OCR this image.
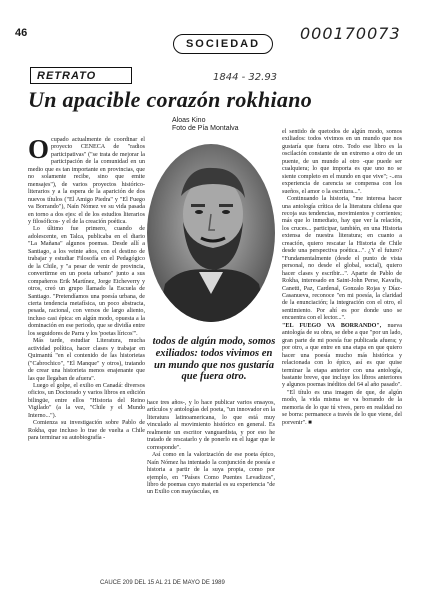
46
SOCIEDAD
000170073
1844 - 32.93
RETRATO
Un apacible corazón rokhiano
Aloas Kino
Foto de Pía Montalva

Ocupado actualmente de coordinar el proyecto CENECA de "radios participativas" ("se trata de mejorar la participación de la comunidad en un medio que es tan importante en provincias, que no solamente recibe, sino que emite mensajes"), de varios proyectos histórico-literarios y a la espera de la aparición de dos nuevos títulos ("El Amigo Piedra" y "El Fuego va Borrando"), Naín Nómez ve su vida pasada en torno a dos ejes: el de los estudios literarios y filosóficos- y el de la creación poética.

Lo último fue primero, cuando de adolescente, en Talca, publicaba en el diario "La Mañana" algunos poemas. Desde allí a Santiago, a los veinte años, con el destino de trabajar y estudiar Filosofía en el Pedagógico de la Chile, y "a pesar de venir de provincia, convertirme en un poeta urbano" junto a sus compañeros Erik Martínez, Jorge Etcheverry y otros, creó un grupo llamado la Escuela de Santiago. "Pretendíamos una poesía urbana, de cierta tendencia metafísica, un poco abstracta, pesada, racional, con versos de largo aliento, incluso casi épica: en algún modo, opuesta a la dominación en ese periodo, que se dividía entre los seguidores de Parra y los 'poetas líricos'".

Más tarde, estudiar Literatura, mucha actividad política, hacer clases y trabajar en Quimantú "en el contenido de las historietas ("Cabrochico", "El Manque" y otros), tratando de crear una historieta menos enajenante que las que llegaban de afuera".

Luego el golpe, el exilio en Canadá: diversos oficios, un Doctorado y varios libros en edición bilingüe, entre ellos "Historia del Reino Vigilado" (a la vez, "Chile y el Mundo Interno...").

Comienza su investigación sobre Pablo de Rokha, que incluso lo trae de vuelta a Chile para terminar su autobiografía -

todos de algún modo, somos exiliados: todos vivimos en un mundo que nos gustaría que fuera otro.

hace tres años-, y lo hace publicar varios ensayos, artículos y antologías del poeta, "un innovador en la literatura latinoamericana, lo que está muy vinculado al movimiento histórico en general. Es realmente un escritor vanguardista, y por eso he tratado de rescatarlo y de ponerlo en el lugar que le corresponde".

Así como en la valorización de ese poeta épico, Naín Nómez ha intentado la conjunción de poesía e historia a partir de la suya propia, como por ejemplo, en "Países Como Puentes Levadizos", libro de poemas cuyo material es su experiencia "de un Exilio con mayúsculas, en

el sentido de quetodos de algún modo, somos exiliados: todos vivimos en un mundo que nos gustaría que fuera otro. Todo ese libro es la oscilación constante de un extremo a otro de un puente, de un mundo al otro -que puede ser cualquiera; lo que importa es que uno no se siente completo en el mundo en que vive"; -..era experiencia de carencia se compensa con los sueños, el amor o la escritura...".

Continuando la historia, "me interesa hacer una antología crítica de la literatura chilena que recoja sus tendencias, movimientos y corrientes; más que lo inmediato, hay que ver la relación, los cruces... participar, también, en una Historia extensa de nuestra literatura; en cuanto a creación, quiero rescatar la Historia de Chile desde una perspectiva poética...". ¿Y el futuro? "Fundamentalmente (desde el punto de vista personal, no desde el global, social), quiero hacer clases y escribir...". Aparte de Pablo de Rokha, interesado en Saint-John Perse, Kavafis, Canetti, Paz, Cardenal, Gonzalo Rojas y Díaz-Casanueva, reconoce "en mi poesía, la claridad de la enunciación; la integración con el otro, el sentimiento. Por ahí es por donde uno se encuentra con el lector...".

"EL FUEGO VA BORRANDO", nueva antología de su obra, se debe a que "por un lado, gran parte de mi poesía fue publicada afuera; y por otro, a que entre en una etapa en que quiero hacer una poesía mucho más histórica y relacionada con lo épico, así es que quise terminar la etapa anterior con una antología, bastante breve, que incluye los libros anteriores y algunos poemas inéditos del 64 al año pasado".

"El título es una imagen de que, de algún modo, la vida misma se va borrando de la memoria de lo que tú vives, pero en realidad no se borra: permanece a través de lo que viene, del porvenir". ■

CAUCE 209 DEL 15 AL 21 DE MAYO DE 1989
